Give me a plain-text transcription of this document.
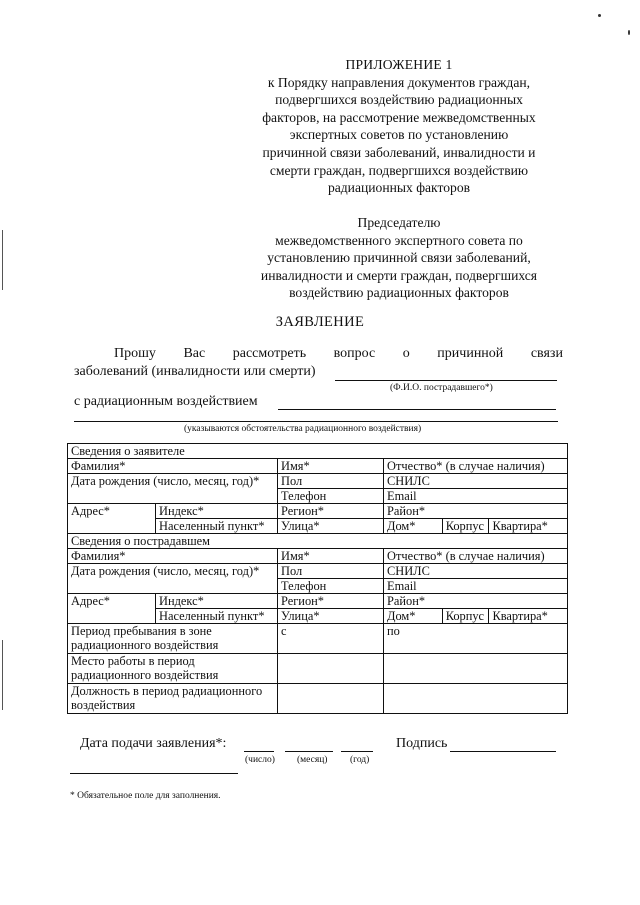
ПРИЛОЖЕНИЕ 1
к Порядку направления документов граждан,
подвергшихся воздействию радиационных
факторов, на рассмотрение межведомственных
экспертных советов по установлению
причинной связи заболеваний, инвалидности и
смерти граждан, подвергшихся воздействию
радиационных факторов
Председателю
межведомственного экспертного совета по
установлению причинной связи заболеваний,
инвалидности и смерти граждан, подвергшихся
воздействию радиационных факторов
ЗАЯВЛЕНИЕ
Прошу Вас рассмотреть вопрос о причинной связи
заболеваний (инвалидности или смерти)
(Ф.И.О. пострадавшего*)
с радиационным воздействием
(указываются обстоятельства радиационного воздействия)
Сведения о заявителе			
Фамилия*		Имя*	Отчество* (в случае наличия)
Дата рождения (число, месяц, год)*		Пол	СНИЛС
		Телефон	Email
Адрес*	Индекс*	Регион*	Район*
	Населенный пункт*	Улица*	Дом* Корпус Квартира*

Сведения о пострадавшем			
Фамилия*		Имя*	Отчество* (в случае наличия)
Дата рождения (число, месяц, год)*		Пол	СНИЛС
		Телефон	Email
Адрес*	Индекс*	Регион*	Район*
	Населенный пункт*	Улица*	Дом* Корпус Квартира*

Период пребывания в зоне радиационного воздействия		с	по
Место работы в период радиационного воздействия			
Должность в период радиационного воздействия			
Дата подачи заявления*:
(число) (месяц) (год)
Подпись
* Обязательное поле для заполнения.
